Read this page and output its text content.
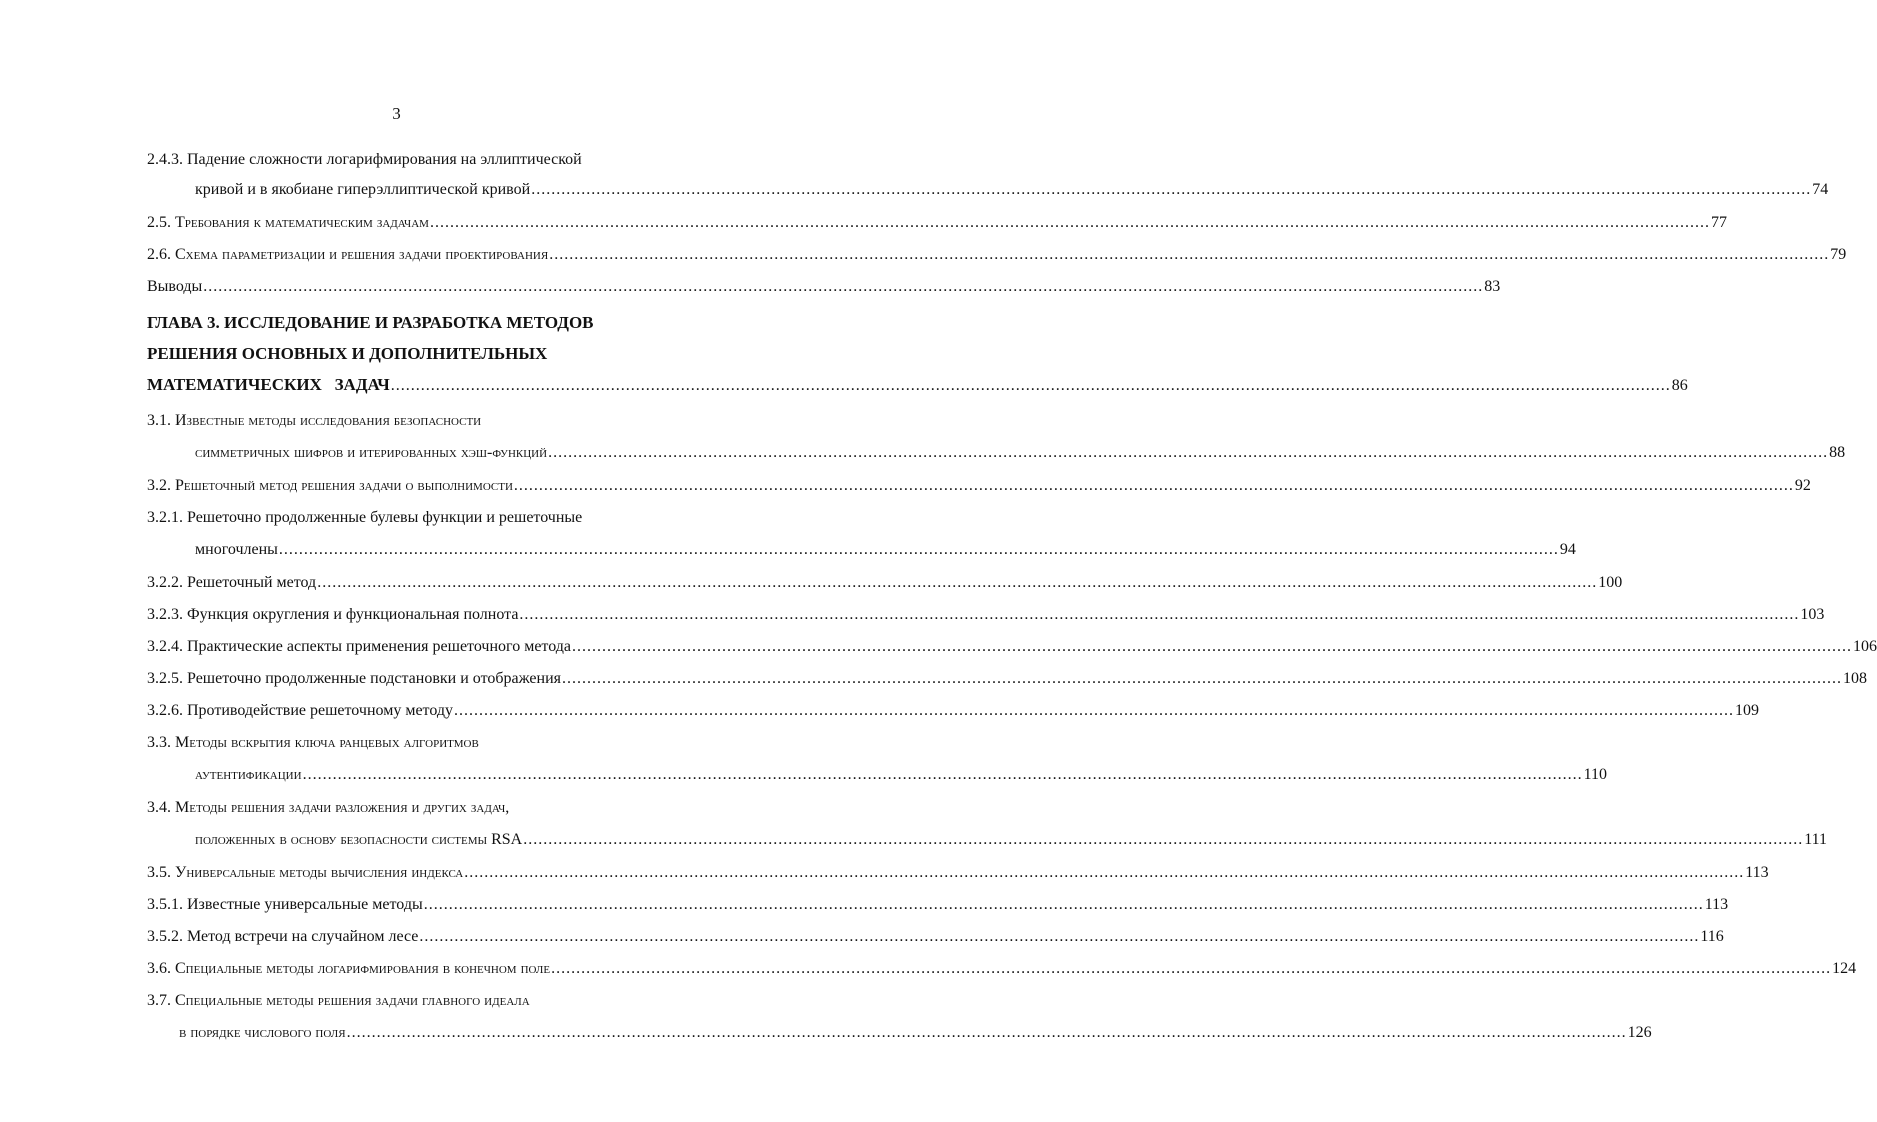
3
2.4.3. Падение сложности логарифмирования на эллиптической
кривой и в якобиане гиперэллиптической кривой ................................................................................................................................................................................................................................................................ 74
2.5. Требования к математическим задачам ................................................................................................................................................................................................................................................................ 77
2.6. Схема параметризации и решения задачи проектирования ................................................................................................................................................................................................................................................................ 79
Выводы ................................................................................................................................................................................................................................................................ 83
ГЛАВА 3. ИССЛЕДОВАНИЕ И РАЗРАБОТКА МЕТОДОВ
РЕШЕНИЯ ОСНОВНЫХ И ДОПОЛНИТЕЛЬНЫХ
МАТЕМАТИЧЕСКИХ   ЗАДАЧ ................................................................................................................................................................................................................................................................ 86
3.1. Известные методы исследования безопасности
симметричных шифров и итерированных хэш-функций ................................................................................................................................................................................................................................................................ 88
3.2. Решеточный метод решения задачи о выполнимости ................................................................................................................................................................................................................................................................ 92
3.2.1. Решеточно продолженные булевы функции и решеточные
многочлены ................................................................................................................................................................................................................................................................ 94
3.2.2. Решеточный метод ................................................................................................................................................................................................................................................................ 100
3.2.3. Функция округления и функциональная полнота ................................................................................................................................................................................................................................................................ 103
3.2.4. Практические аспекты применения решеточного метода ................................................................................................................................................................................................................................................................ 106
3.2.5. Решеточно продолженные подстановки и отображения ................................................................................................................................................................................................................................................................ 108
3.2.6. Противодействие решеточному методу ................................................................................................................................................................................................................................................................ 109
3.3. Методы вскрытия ключа ранцевых алгоритмов
аутентификации ................................................................................................................................................................................................................................................................ 110
3.4. Методы решения задачи разложения и других задач,
положенных в основу безопасности системы RSA ................................................................................................................................................................................................................................................................ 111
3.5. Универсальные методы вычисления индекса ................................................................................................................................................................................................................................................................ 113
3.5.1. Известные универсальные методы ................................................................................................................................................................................................................................................................ 113
3.5.2. Метод встречи на случайном лесе ................................................................................................................................................................................................................................................................ 116
3.6. Специальные методы логарифмирования в конечном поле ................................................................................................................................................................................................................................................................ 124
3.7. Специальные методы решения задачи главного идеала
в порядке числового поля ................................................................................................................................................................................................................................................................ 126
